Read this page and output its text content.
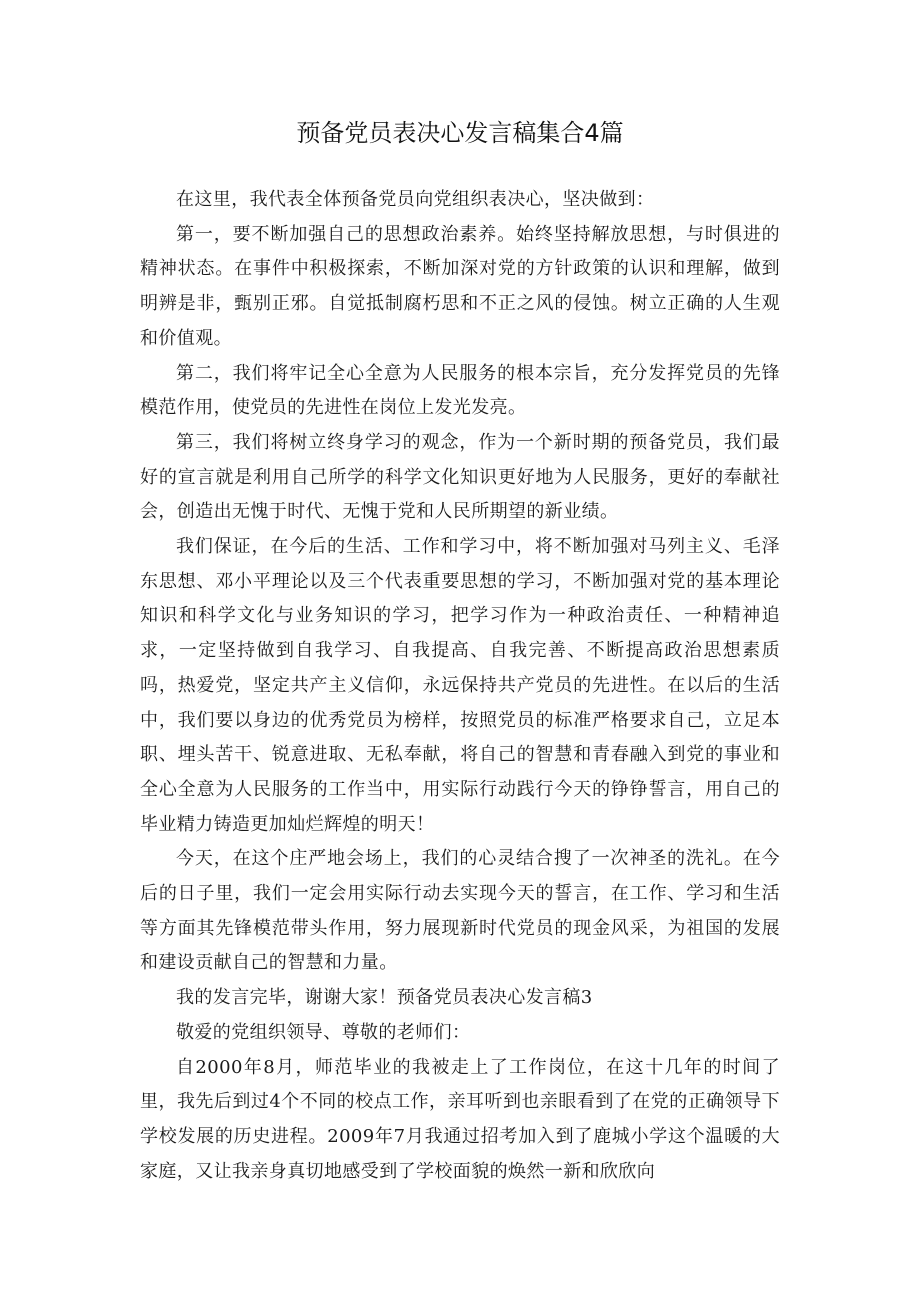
预备党员表决心发言稿集合4篇

在这里，我代表全体预备党员向党组织表决心，坚决做到：

第一，要不断加强自己的思想政治素养。始终坚持解放思想，与时俱进的精神状态。在事件中积极探索，不断加深对党的方针政策的认识和理解，做到明辨是非，甄别正邪。自觉抵制腐朽思和不正之风的侵蚀。树立正确的人生观和价值观。

第二，我们将牢记全心全意为人民服务的根本宗旨，充分发挥党员的先锋模范作用，使党员的先进性在岗位上发光发亮。

第三，我们将树立终身学习的观念，作为一个新时期的预备党员，我们最好的宣言就是利用自己所学的科学文化知识更好地为人民服务，更好的奉献社会，创造出无愧于时代、无愧于党和人民所期望的新业绩。

我们保证，在今后的生活、工作和学习中，将不断加强对马列主义、毛泽东思想、邓小平理论以及三个代表重要思想的学习，不断加强对党的基本理论知识和科学文化与业务知识的学习，把学习作为一种政治责任、一种精神追求，一定坚持做到自我学习、自我提高、自我完善、不断提高政治思想素质吗，热爱党，坚定共产主义信仰，永远保持共产党员的先进性。在以后的生活中，我们要以身边的优秀党员为榜样，按照党员的标准严格要求自己，立足本职、埋头苦干、锐意进取、无私奉献，将自己的智慧和青春融入到党的事业和全心全意为人民服务的工作当中，用实际行动践行今天的铮铮誓言，用自己的毕业精力铸造更加灿烂辉煌的明天！

今天，在这个庄严地会场上，我们的心灵结合搜了一次神圣的洗礼。在今后的日子里，我们一定会用实际行动去实现今天的誓言，在工作、学习和生活等方面其先锋模范带头作用，努力展现新时代党员的现金风采，为祖国的发展和建设贡献自己的智慧和力量。

我的发言完毕，谢谢大家！预备党员表决心发言稿3

敬爱的党组织领导、尊敬的老师们：

自2000年8月，师范毕业的我被走上了工作岗位，在这十几年的时间了里，我先后到过4个不同的校点工作，亲耳听到也亲眼看到了在党的正确领导下学校发展的历史进程。2009年7月我通过招考加入到了鹿城小学这个温暖的大家庭，又让我亲身真切地感受到了学校面貌的焕然一新和欣欣向
